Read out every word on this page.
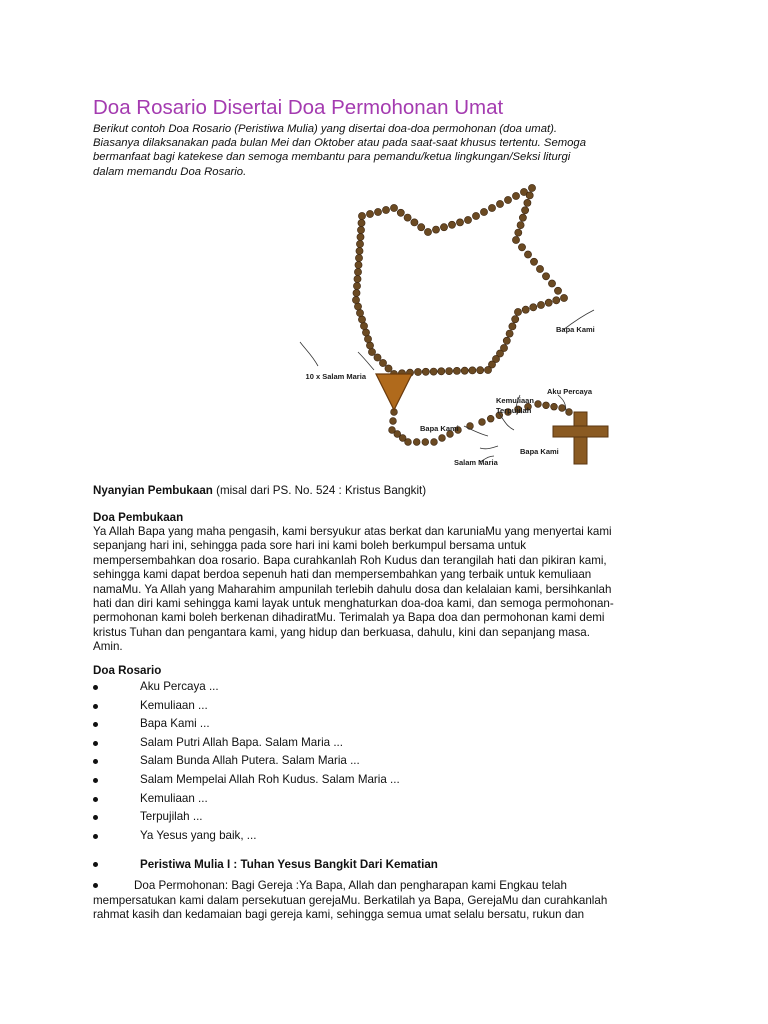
Doa Rosario Disertai Doa Permohonan Umat
Berikut contoh Doa Rosario (Peristiwa Mulia) yang disertai doa-doa permohonan (doa umat).
Biasanya dilaksanakan pada bulan Mei dan Oktober atau pada saat-saat khusus tertentu. Semoga
bermanfaat bagi katekese dan semoga membantu para pemandu/ketua lingkungan/Seksi liturgi
dalam memandu Doa Rosario.
10 x Salam Maria
Bapa Kami
Aku Percaya
Kemuliaan
Terpujilah
Bapa Kami
Bapa Kami
Salam Maria

Nyanyian Pembukaan (misal dari PS. No. 524 : Kristus Bangkit)

Doa Pembukaan

Ya Allah Bapa yang maha pengasih, kami bersyukur atas berkat dan karuniaMu yang menyertai kami
sepanjang hari ini, sehingga pada sore hari ini kami boleh berkumpul bersama untuk
mempersembahkan doa rosario. Bapa curahkanlah Roh Kudus dan terangilah hati dan pikiran kami,
sehingga kami dapat berdoa sepenuh hati dan mempersembahkan yang terbaik untuk kemuliaan
namaMu. Ya Allah yang Maharahim ampunilah terlebih dahulu dosa dan kelalaian kami, bersihkanlah
hati dan diri kami sehingga kami layak untuk menghaturkan doa-doa kami, dan semoga permohonan-
permohonan kami boleh berkenan dihadiratMu. Terimalah ya Bapa doa dan permohonan kami demi
kristus Tuhan dan pengantara kami, yang hidup dan berkuasa, dahulu, kini dan sepanjang masa.
Amin.

Doa Rosario

Aku Percaya ...
Kemuliaan ...
Bapa Kami ...
Salam Putri Allah Bapa. Salam Maria ...
Salam Bunda Allah Putera. Salam Maria ...
Salam Mempelai Allah Roh Kudus. Salam Maria ...
Kemuliaan ...
Terpujilah ...
Ya Yesus yang baik, ...
Peristiwa Mulia I : Tuhan Yesus Bangkit Dari Kematian
Doa Permohonan: Bagi Gereja :Ya Bapa, Allah dan pengharapan kami Engkau telah
mempersatukan kami dalam persekutuan gerejaMu. Berkatilah ya Bapa, GerejaMu dan curahkanlah
rahmat kasih dan kedamaian bagi gereja kami, sehingga semua umat selalu bersatu, rukun dan
